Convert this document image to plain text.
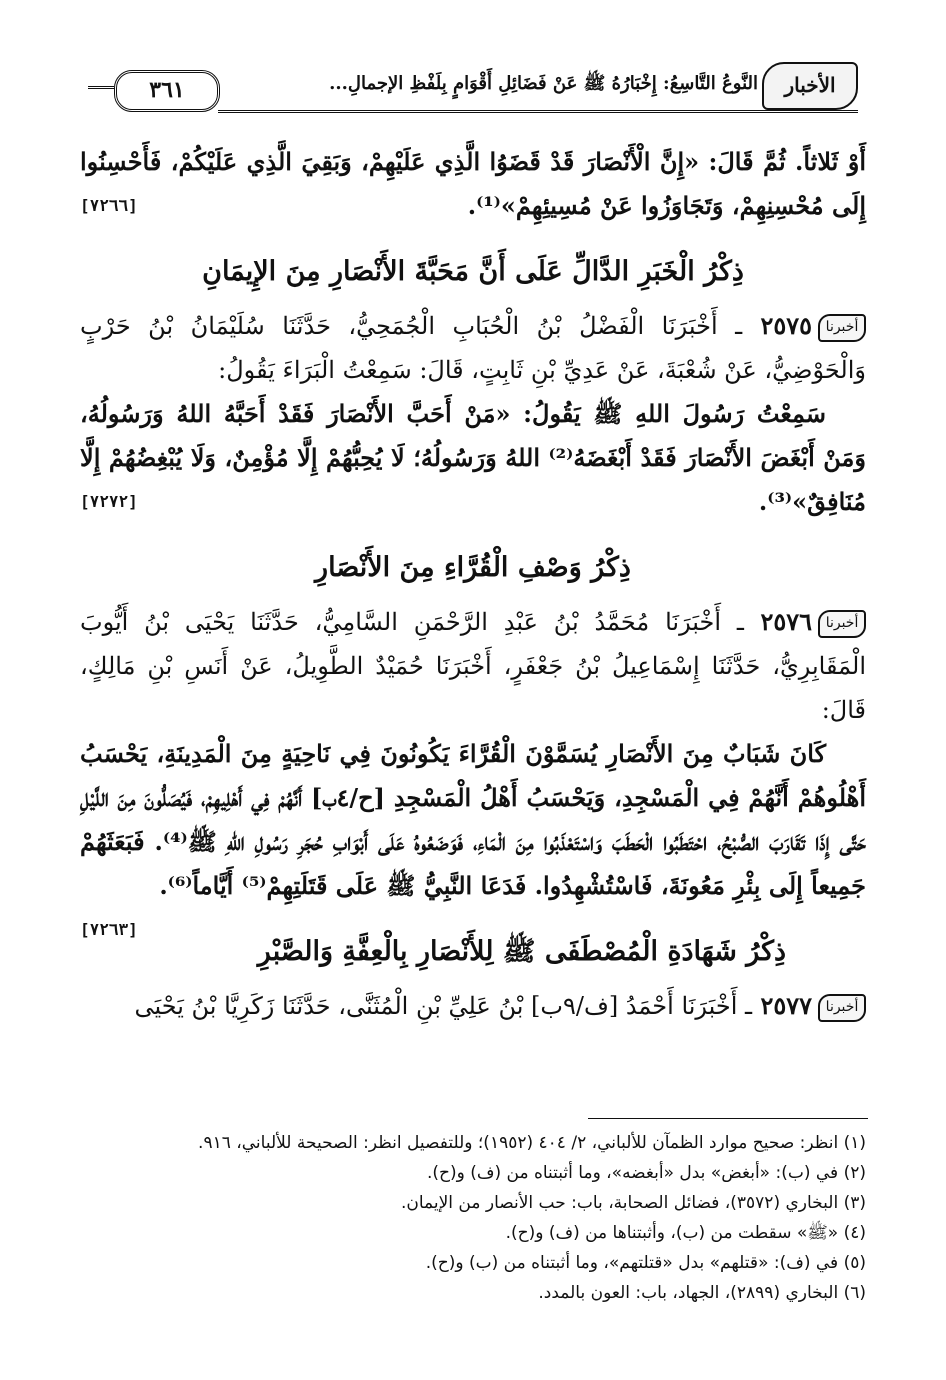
٣٦١	النَّوعُ التَّاسِعُ: إِخْبَارُهُ ﷺ عَنْ فَضَائِلِ أَقْوَامٍ بِلَفْظِ الإجمالِ...	الأخبار
أَوْ ثَلاثاً. ثُمَّ قَالَ: «إِنَّ الْأَنْصَارَ قَدْ قَضَوُا الَّذِي عَلَيْهِمْ، وَبَقِيَ الَّذِي عَلَيْكُمْ، فَأَحْسِنُوا إِلَى مُحْسِنِهِمْ، وَتَجَاوَزُوا عَنْ مُسِيئِهِمْ»⁽¹⁾.
[٧٢٦٦]
ذِكْرُ الْخَبَرِ الدَّالِّ عَلَى أَنَّ مَحَبَّةَ الأَنْصَارِ مِنَ الإِيمَانِ
أخبرنا٢٥٧٥ ـ أَخْبَرَنَا الْفَضْلُ بْنُ الْحُبَابِ الْجُمَحِيُّ، حَدَّثَنَا سُلَيْمَانُ بْنُ حَرْبٍ وَالْحَوْضِيُّ، عَنْ شُعْبَةَ، عَنْ عَدِيِّ بْنِ ثَابِتٍ، قَالَ: سَمِعْتُ الْبَرَاءَ يَقُولُ:
سَمِعْتُ رَسُولَ اللهِ ﷺ يَقُولُ: «مَنْ أَحَبَّ الأَنْصَارَ فَقَدْ أَحَبَّهُ اللهُ وَرَسُولُهُ، وَمَنْ أَبْغَضَ الأَنْصَارَ فَقَدْ أَبْغَضَهُ⁽²⁾ اللهُ وَرَسُولُهُ؛ لَا يُحِبُّهُمْ إِلَّا مُؤْمِنٌ، وَلَا يُبْغِضُهُمْ إِلَّا مُنَافِقٌ»⁽³⁾.
[٧٢٧٢]
ذِكْرُ وَصْفِ الْقُرَّاءِ مِنَ الأَنْصَارِ
أخبرنا٢٥٧٦ ـ أَخْبَرَنَا مُحَمَّدُ بْنُ عَبْدِ الرَّحْمَنِ السَّامِيُّ، حَدَّثَنَا يَحْيَى بْنُ أَيُّوبَ الْمَقَابِرِيُّ، حَدَّثَنَا إِسْمَاعِيلُ بْنُ جَعْفَرٍ، أَخْبَرَنَا حُمَيْدٌ الطَّوِيلُ، عَنْ أَنَسِ بْنِ مَالِكٍ، قَالَ:
كَانَ شَبَابٌ مِنَ الأَنْصَارِ يُسَمَّوْنَ الْقُرَّاءَ يَكُونُونَ فِي نَاحِيَةٍ مِنَ الْمَدِينَةِ، يَحْسَبُ أَهْلُوهُمْ أَنَّهُمْ فِي الْمَسْجِدِ، وَيَحْسَبُ أَهْلُ الْمَسْجِدِ [ح/٤ب] أَنَّهُمْ فِي أَهْلِيهِمْ، فَيُصَلُّونَ مِنَ اللَّيْلِ حَتَّى إِذَا تَقَارَبَ الصُّبْحُ، احْتَطَبُوا الْحَطَبَ وَاسْتَعْذَبُوا مِنَ الْمَاءِ، فَوَضَعُوهُ عَلَى أَبْوَابِ حُجَرِ رَسُولِ اللهِ ﷺ⁽⁴⁾. فَبَعَثَهُمْ جَمِيعاً إِلَى بِئْرِ مَعُونَةَ، فَاسْتُشْهِدُوا. فَدَعَا النَّبِيُّ ﷺ عَلَى قَتَلَتِهِمْ⁽⁵⁾ أَيَّاماً⁽⁶⁾.
[٧٢٦٣]
ذِكْرُ شَهَادَةِ الْمُصْطَفَى ﷺ لِلأَنْصَارِ بِالْعِفَّةِ وَالصَّبْرِ
أخبرنا٢٥٧٧ ـ أَخْبَرَنَا أَحْمَدُ [ف/٩ب] بْنُ عَلِيِّ بْنِ الْمُثَنَّى، حَدَّثَنَا زَكَرِيَّا بْنُ يَحْيَى
(١) انظر: صحيح موارد الظمآن للألباني، ٢/ ٤٠٤ (١٩٥٢)؛ وللتفصيل انظر: الصحيحة للألباني، ٩١٦.
(٢) في (ب): «أبغض» بدل «أبغضه»، وما أثبتناه من (ف) و(ح).
(٣) البخاري (٣٥٧٢)، فضائل الصحابة، باب: حب الأنصار من الإيمان.
(٤) «ﷺ» سقطت من (ب)، وأثبتناها من (ف) و(ح).
(٥) في (ف): «قتلهم» بدل «قتلتهم»، وما أثبتناه من (ب) و(ح).
(٦) البخاري (٢٨٩٩)، الجهاد، باب: العون بالمدد.
